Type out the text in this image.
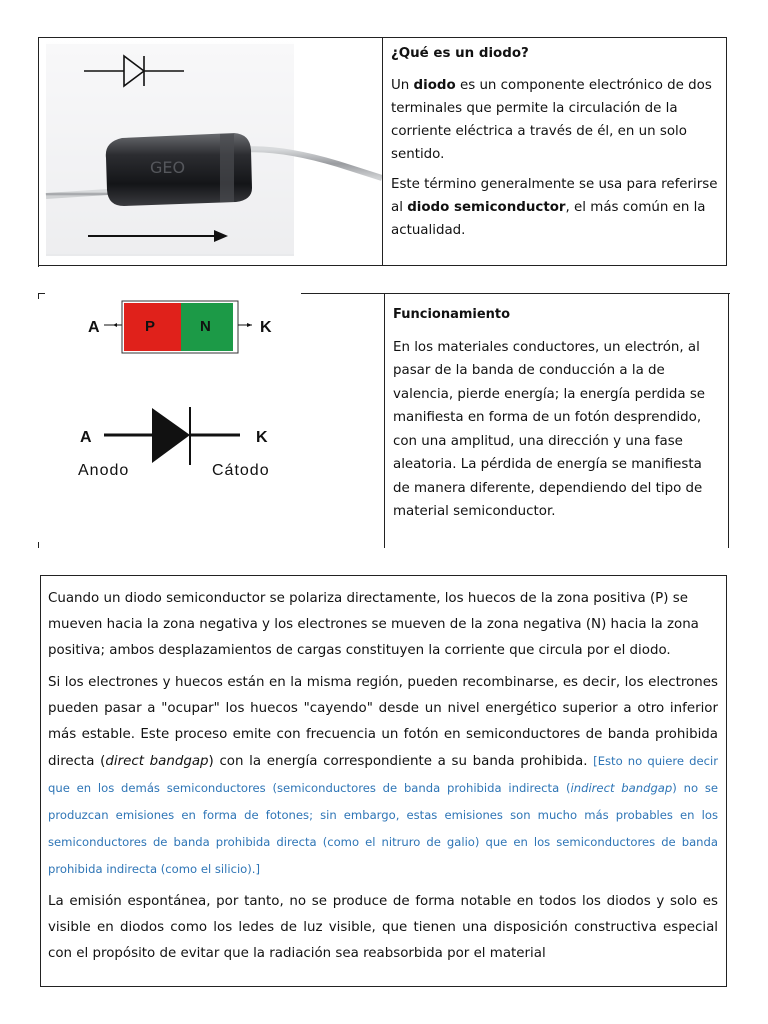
GEO

¿Qué es un diodo?

Un diodo es un componente electrónico de dos terminales que permite la circulación de la corriente eléctrica a través de él, en un solo sentido.

Este término generalmente se usa para referirse al diodo semiconductor, el más común en la actualidad.

A	P	N	K
A	K
Anodo	Cátodo

Funcionamiento

En los materiales conductores, un electrón, al pasar de la banda de conducción a la de valencia, pierde energía; la energía perdida se manifiesta en forma de un fotón desprendido, con una amplitud, una dirección y una fase aleatoria. La pérdida de energía se manifiesta de manera diferente, dependiendo del tipo de material semiconductor.

Cuando un diodo semiconductor se polariza directamente, los huecos de la zona positiva (P) se mueven hacia la zona negativa y los electrones se mueven de la zona negativa (N) hacia la zona positiva; ambos desplazamientos de cargas constituyen la corriente que circula por el diodo.

Si los electrones y huecos están en la misma región, pueden recombinarse, es decir, los electrones pueden pasar a "ocupar" los huecos "cayendo" desde un nivel energético superior a otro inferior más estable. Este proceso emite con frecuencia un fotón en semiconductores de banda prohibida directa (direct bandgap) con la energía correspondiente a su banda prohibida. [Esto no quiere decir que en los demás semiconductores (semiconductores de banda prohibida indirecta (indirect bandgap) no se produzcan emisiones en forma de fotones; sin embargo, estas emisiones son mucho más probables en los semiconductores de banda prohibida directa (como el nitruro de galio) que en los semiconductores de banda prohibida indirecta (como el silicio).]

La emisión espontánea, por tanto, no se produce de forma notable en todos los diodos y solo es visible en diodos como los ledes de luz visible, que tienen una disposición constructiva especial con el propósito de evitar que la radiación sea reabsorbida por el material
